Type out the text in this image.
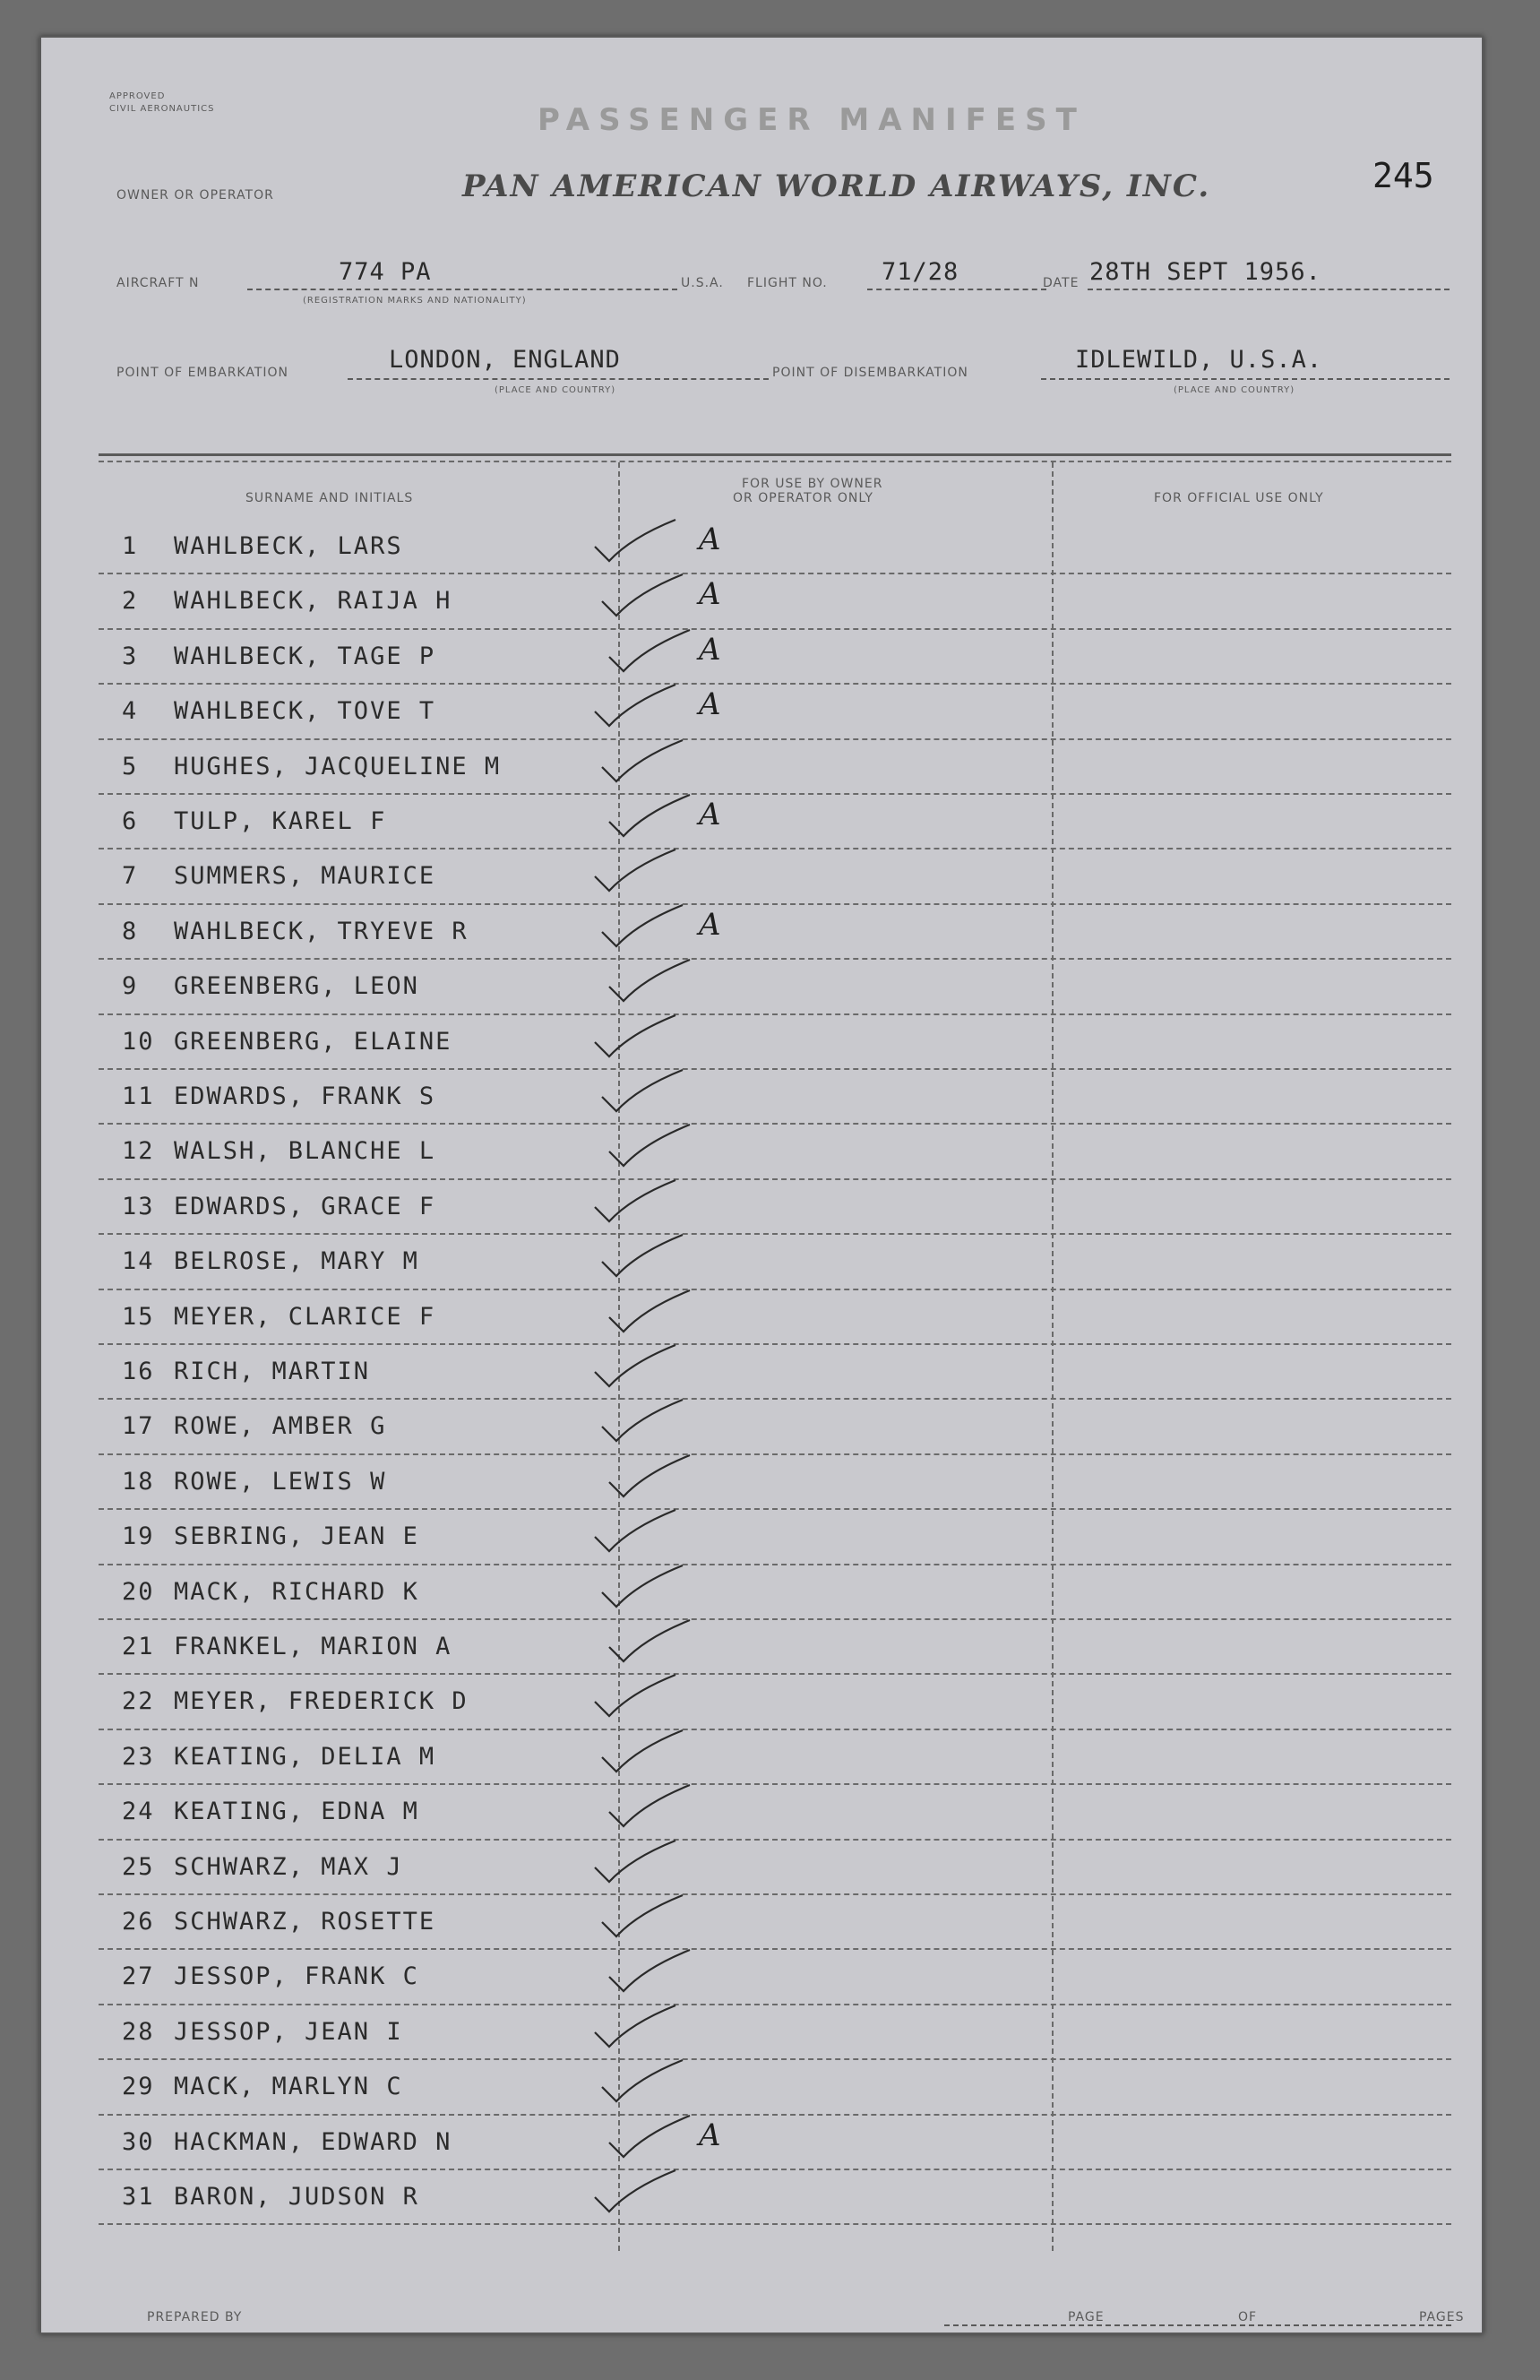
APPROVED
CIVIL AERONAUTICS	PASSENGER MANIFEST
245
OWNER OR OPERATOR	PAN AMERICAN WORLD AIRWAYS, INC.
AIRCRAFT N	774 PA	U.S.A.
(REGISTRATION MARKS AND NATIONALITY)
FLIGHT NO. 71/28	DATE 28TH SEPT 1956.
POINT OF EMBARKATION	LONDON, ENGLAND
(PLACE AND COUNTRY)
POINT OF DISEMBARKATION	IDLEWILD, U.S.A.
(PLACE AND COUNTRY)
SURNAME AND INITIALS
FOR USE BY OWNER
OR OPERATOR ONLY	FOR OFFICIAL USE ONLY
1 WAHLBECK, LARS	A
2 WAHLBECK, RAIJA H	A
3 WAHLBECK, TAGE P	A
4 WAHLBECK, TOVE T	A
5 HUGHES, JACQUELINE M
6 TULP, KAREL F	A
7 SUMMERS, MAURICE
8 WAHLBECK, TRYEVE R	A
9 GREENBERG, LEON
10 GREENBERG, ELAINE
11 EDWARDS, FRANK S
12 WALSH, BLANCHE L
13 EDWARDS, GRACE F
14 BELROSE, MARY M
15 MEYER, CLARICE F
16 RICH, MARTIN
17 ROWE, AMBER G
18 ROWE, LEWIS W
19 SEBRING, JEAN E
20 MACK, RICHARD K
21 FRANKEL, MARION A
22 MEYER, FREDERICK D
23 KEATING, DELIA M
24 KEATING, EDNA M
25 SCHWARZ, MAX J
26 SCHWARZ, ROSETTE
27 JESSOP, FRANK C
28 JESSOP, JEAN I
29 MACK, MARLYN C
30 HACKMAN, EDWARD N	A
31 BARON, JUDSON R
PREPARED BY	PAGE	OF	PAGES
